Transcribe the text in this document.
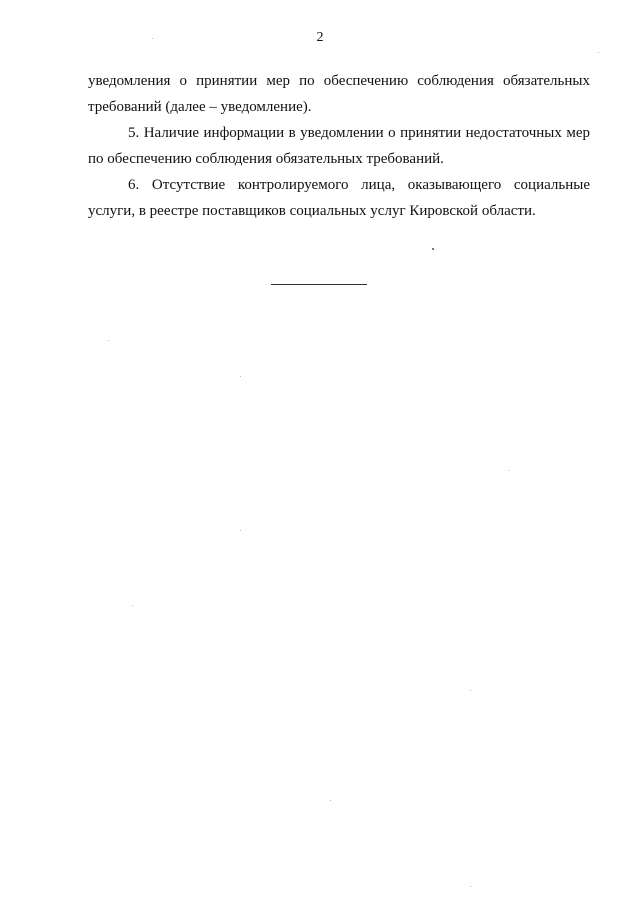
2

уведомления о принятии мер по обеспечению соблюдения обязательных требований (далее – уведомление).

5. Наличие информации в уведомлении о принятии недостаточных мер по обеспечению соблюдения обязательных требований.

6. Отсутствие контролируемого лица, оказывающего социальные услуги, в реестре поставщиков социальных услуг Кировской области.
